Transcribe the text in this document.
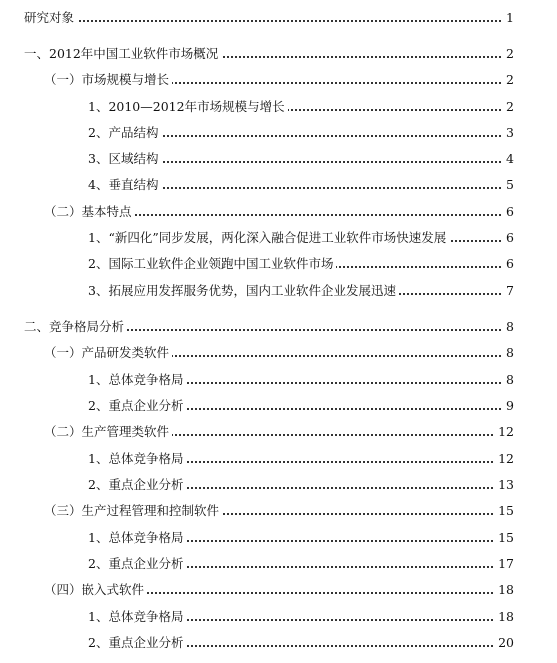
研究对象	1
一、2012年中国工业软件市场概况	2
（一）市场规模与增长	2
1、2010—2012年市场规模与增长	2
2、产品结构	3
3、区域结构	4
4、垂直结构	5
（二）基本特点	6
1、“新四化”同步发展，两化深入融合促进工业软件市场快速发展	6
2、国际工业软件企业领跑中国工业软件市场	6
3、拓展应用发挥服务优势，国内工业软件企业发展迅速	7
二、竞争格局分析	8
（一）产品研发类软件	8
1、总体竞争格局	8
2、重点企业分析	9
（二）生产管理类软件	12
1、总体竞争格局	12
2、重点企业分析	13
（三）生产过程管理和控制软件	15
1、总体竞争格局	15
2、重点企业分析	17
（四）嵌入式软件	18
1、总体竞争格局	18
2、重点企业分析	20
